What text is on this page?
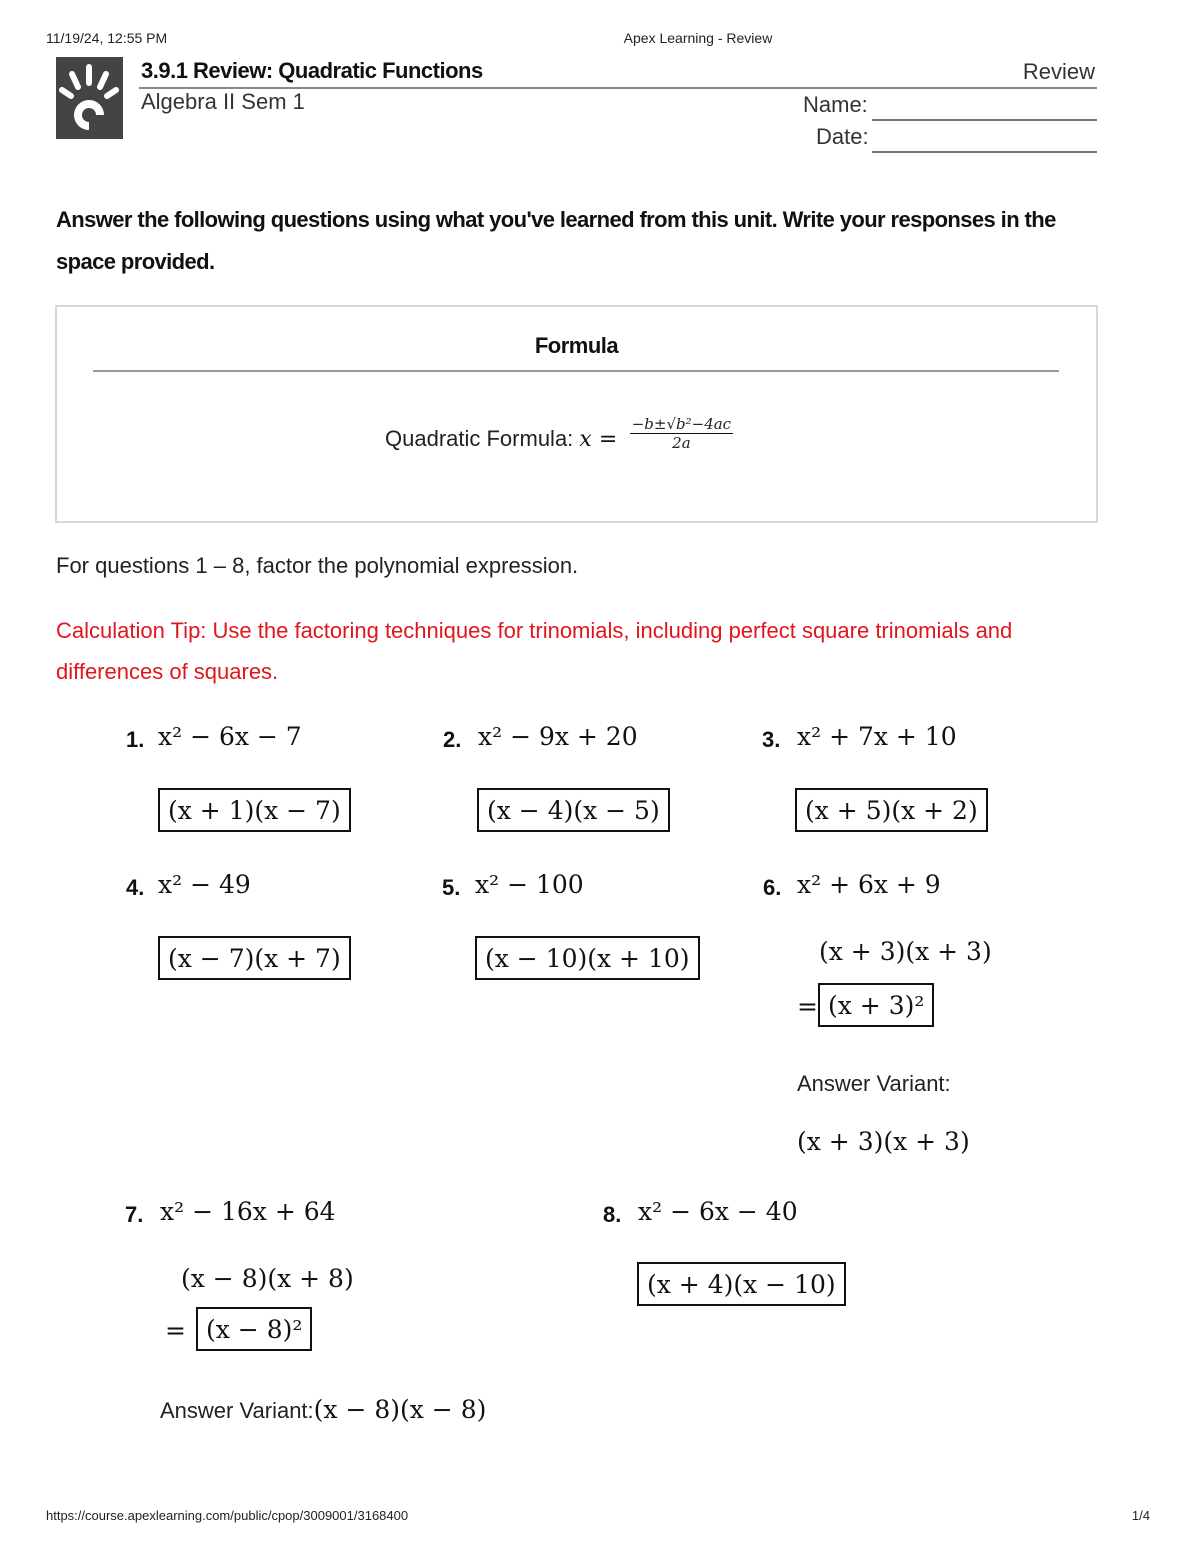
11/19/24, 12:55 PM	Apex Learning - Review
3.9.1 Review: Quadratic Functions	Review
Algebra II Sem 1	Name:
Date:
Answer the following questions using what you've learned from this unit. Write your responses in the space provided.
Formula
Quadratic Formula: $x = \frac{\text{−b±√b²−4ac}}{2a}$
For questions 1 – 8, factor the polynomial expression.
Calculation Tip: Use the factoring techniques for trinomials, including perfect square trinomials and differences of squares.
1. x² − 6x − 7
(x + 1)(x − 7)
2. x² − 9x + 20
(x − 4)(x − 5)
3. x² + 7x + 10
(x + 5)(x + 2)
4. x² − 49
(x − 7)(x + 7)
5. x² − 100
(x − 10)(x + 10)
6. x² + 6x + 9
(x + 3)(x + 3)
= (x + 3)²
Answer Variant:
(x + 3)(x + 3)
7. x² − 16x + 64
(x − 8)(x + 8)
= (x − 8)²
Answer Variant:(x − 8)(x − 8)
8. x² − 6x − 40
(x + 4)(x − 10)
https://course.apexlearning.com/public/cpop/3009001/3168400	1/4
